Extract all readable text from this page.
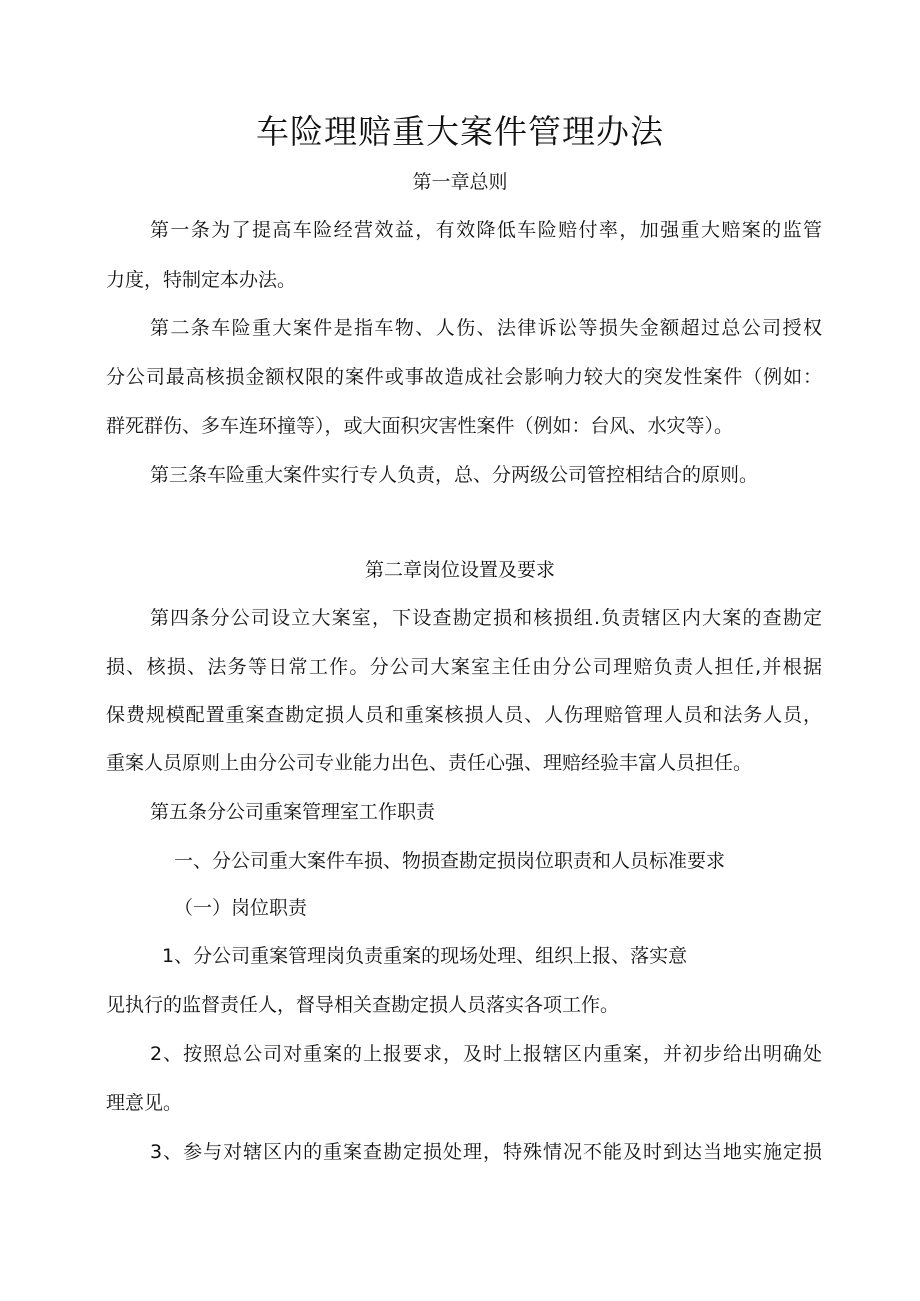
车险理赔重大案件管理办法
第一章总则

第一条为了提高车险经营效益，有效降低车险赔付率，加强重大赔案的监管

力度，特制定本办法。

第二条车险重大案件是指车物、人伤、法律诉讼等损失金额超过总公司授权

分公司最高核损金额权限的案件或事故造成社会影响力较大的突发性案件（例如：

群死群伤、多车连环撞等），或大面积灾害性案件（例如：台风、水灾等）。

第三条车险重大案件实行专人负责，总、分两级公司管控相结合的原则。

第二章岗位设置及要求

第四条分公司设立大案室，下设查勘定损和核损组.负责辖区内大案的查勘定

损、核损、法务等日常工作。分公司大案室主任由分公司理赔负责人担任,并根据

保费规模配置重案查勘定损人员和重案核损人员、人伤理赔管理人员和法务人员，

重案人员原则上由分公司专业能力出色、责任心强、理赔经验丰富人员担任。

第五条分公司重案管理室工作职责

一、分公司重大案件车损、物损查勘定损岗位职责和人员标准要求

（一）岗位职责

1、分公司重案管理岗负责重案的现场处理、组织上报、落实意

见执行的监督责任人，督导相关查勘定损人员落实各项工作。

2、按照总公司对重案的上报要求，及时上报辖区内重案，并初步给出明确处

理意见。

3、参与对辖区内的重案查勘定损处理，特殊情况不能及时到达当地实施定损
